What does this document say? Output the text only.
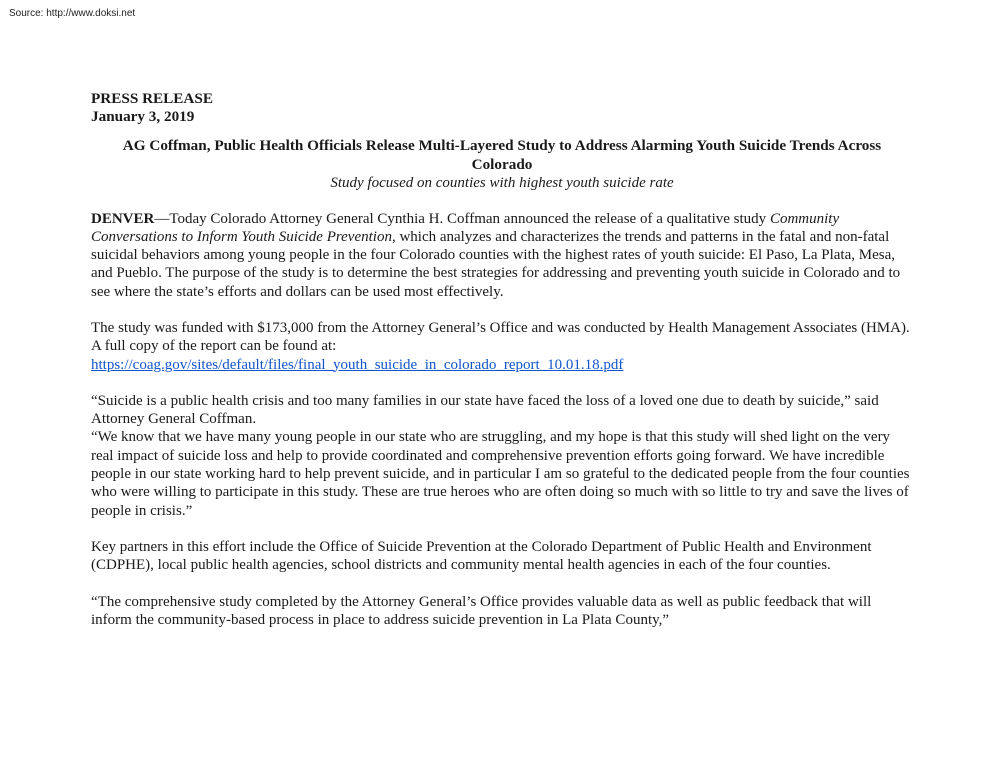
Source: http://www.doksi.net
PRESS RELEASE
January 3, 2019
AG Coffman, Public Health Officials Release Multi-Layered Study to Address Alarming Youth Suicide Trends Across Colorado
Study focused on counties with highest youth suicide rate

DENVER—Today Colorado Attorney General Cynthia H. Coffman announced the release of a qualitative study Community Conversations to Inform Youth Suicide Prevention, which analyzes and characterizes the trends and patterns in the fatal and non-fatal suicidal behaviors among young people in the four Colorado counties with the highest rates of youth suicide: El Paso, La Plata, Mesa, and Pueblo. The purpose of the study is to determine the best strategies for addressing and preventing youth suicide in Colorado and to see where the state’s efforts and dollars can be used most effectively.

The study was funded with $173,000 from the Attorney General’s Office and was conducted by Health Management Associates (HMA). A full copy of the report can be found at:
https://coag.gov/sites/default/files/final_youth_suicide_in_colorado_report_10.01.18.pdf

“Suicide is a public health crisis and too many families in our state have faced the loss of a loved one due to death by suicide,” said Attorney General Coffman.

“We know that we have many young people in our state who are struggling, and my hope is that this study will shed light on the very real impact of suicide loss and help to provide coordinated and comprehensive prevention efforts going forward. We have incredible people in our state working hard to help prevent suicide, and in particular I am so grateful to the dedicated people from the four counties who were willing to participate in this study. These are true heroes who are often doing so much with so little to try and save the lives of people in crisis.”

Key partners in this effort include the Office of Suicide Prevention at the Colorado Department of Public Health and Environment (CDPHE), local public health agencies, school districts and community mental health agencies in each of the four counties.

“The comprehensive study completed by the Attorney General’s Office provides valuable data as well as public feedback that will inform the community-based process in place to address suicide prevention in La Plata County,”
